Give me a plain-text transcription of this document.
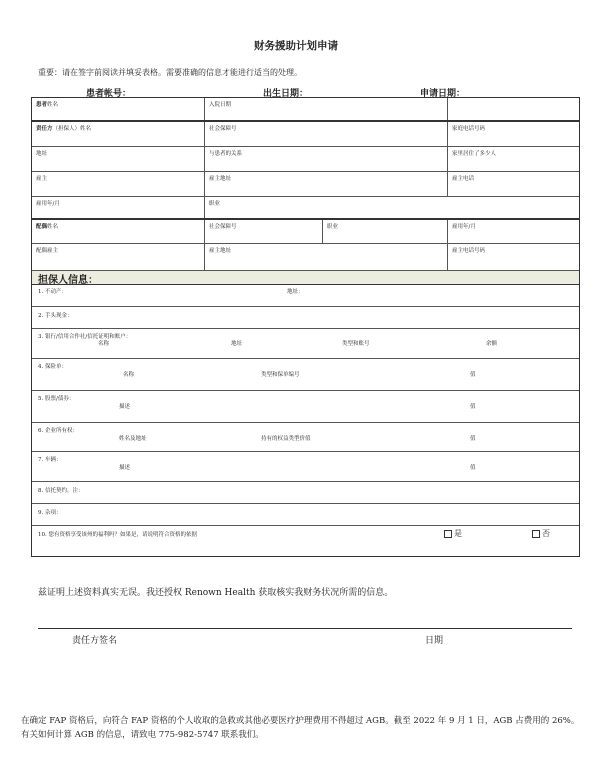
财务援助计划申请
重要：请在签字前阅读并填妥表格。需要准确的信息才能进行适当的处理。
患者帐号：	出生日期：	申请日期：
患者姓名	入院日期
责任方（担保人）姓名	社会保障号	家庭电话号码
地址	与患者的关系	家里居住了多少人
雇主	雇主地址	雇主电话
雇用年/月	职业
配偶姓名	社会保障号	职业	雇用年/月
配偶雇主	雇主地址	雇主电话号码
担保人信息：
1. 不动产：	地址：
2. 手头现金：
3. 银行/信用合作社/信托证明和账户：
名称	地址	类型和账号	余额
4. 保险单：
名称	类型和保单编号	值
5. 股票/债券：
描述	值
6. 企业所有权：
姓名及地址	持有的权益类型价值	值
7. 车辆：
描述	值
8. 信托契约，注：
9. 杂项：
10. 您有资格享受该州的福利吗？如果是，请说明符合资格的依据	是	否
兹证明上述资料真实无误。我还授权 Renown Health 获取核实我财务状况所需的信息。
责任方签名	日期
在确定 FAP 资格后，向符合 FAP 资格的个人收取的急救或其他必要医疗护理费用不得超过 AGB。截至 2022 年 9 月 1 日，AGB 占费用的 26%。有关如何计算 AGB 的信息，请致电 775-982-5747 联系我们。
